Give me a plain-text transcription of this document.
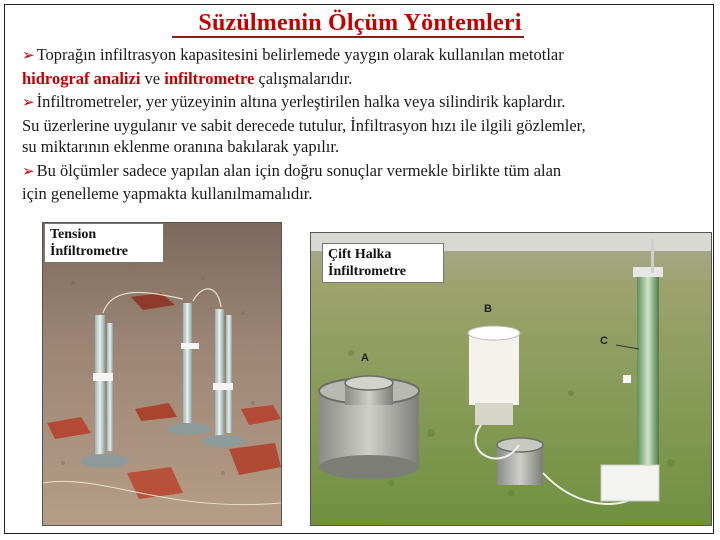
Süzülmenin Ölçüm Yöntemleri
➢ Toprağın infiltrasyon kapasitesini belirlemede yaygın olarak kullanılan metotlar
hidrograf analizi ve infiltrometre çalışmalarıdır.
➢ İnfiltrometreler, yer yüzeyinin altına yerleştirilen halka veya silindirik kaplardır.
Su üzerlerine uygulanır ve sabit derecede tutulur, İnfiltrasyon hızı ile ilgili gözlemler,
su miktarının eklenme oranına bakılarak yapılır.
➢ Bu ölçümler sadece yapılan alan için doğru sonuçlar vermekle birlikte tüm alan
için genelleme yapmakta kullanılmamalıdır.
Tension
İnfiltrometre	Çift Halka
İnfiltrometre
A
B
C
